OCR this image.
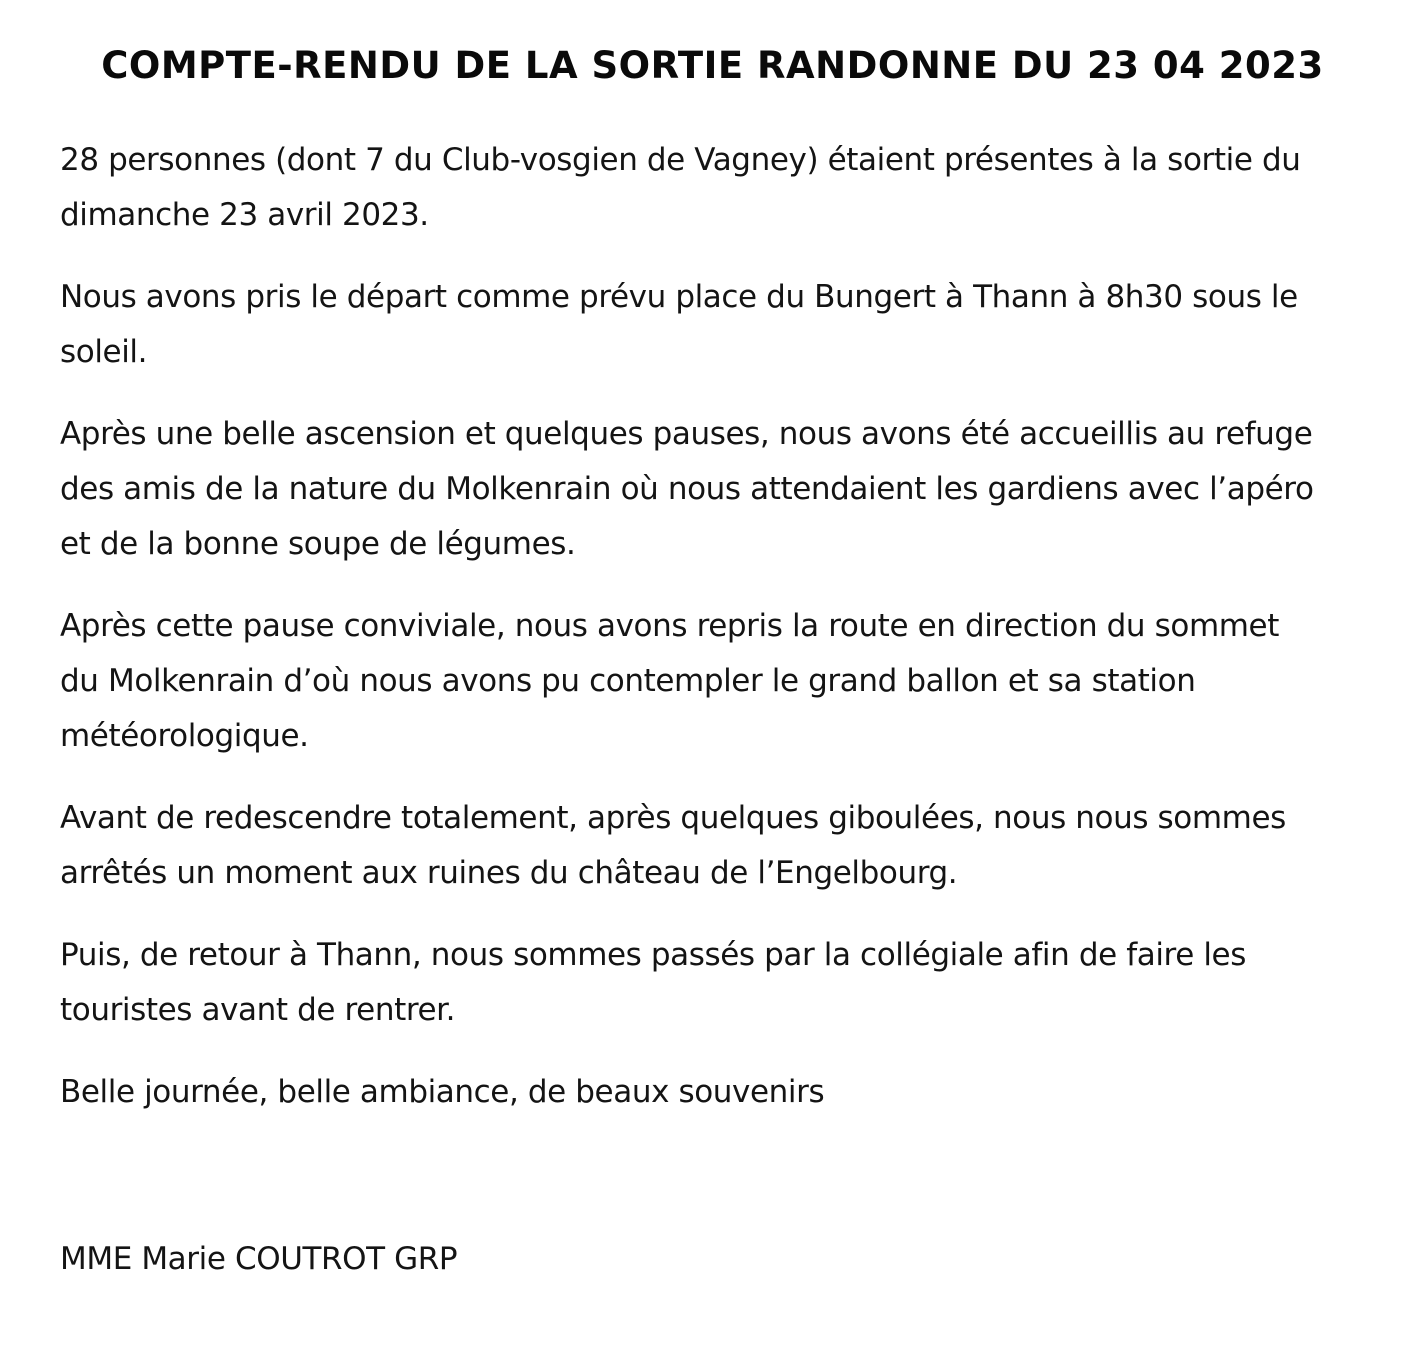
COMPTE-RENDU DE LA SORTIE RANDONNE DU 23 04 2023

28 personnes (dont 7 du Club-vosgien de Vagney) étaient présentes à la sortie du
dimanche 23 avril 2023.

Nous avons pris le départ comme prévu place du Bungert à Thann à 8h30 sous le
soleil.

Après une belle ascension et quelques pauses, nous avons été accueillis au refuge
des amis de la nature du Molkenrain où nous attendaient les gardiens avec l’apéro
et de la bonne soupe de légumes.

Après cette pause conviviale, nous avons repris la route en direction du sommet
du Molkenrain d’où nous avons pu contempler le grand ballon et sa station
météorologique.

Avant de redescendre totalement, après quelques giboulées, nous nous sommes
arrêtés un moment aux ruines du château de l’Engelbourg.

Puis, de retour à Thann, nous sommes passés par la collégiale afin de faire les
touristes avant de rentrer.

Belle journée, belle ambiance, de beaux souvenirs

MME Marie COUTROT GRP
